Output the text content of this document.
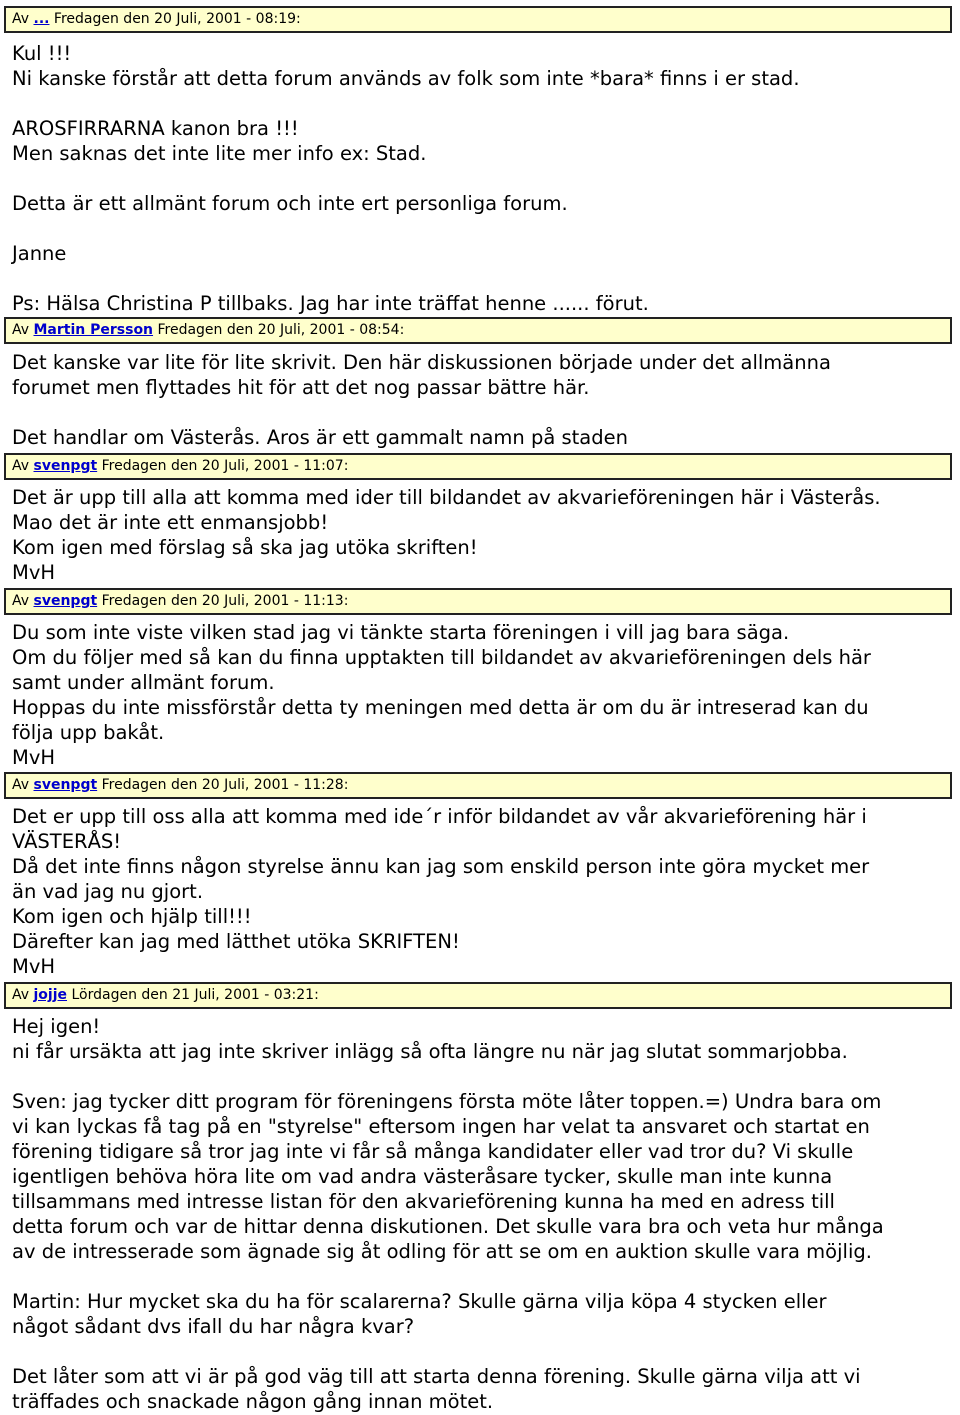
Av ... Fredagen den 20 Juli, 2001 - 08:19:

Kul !!!

Ni kanske förstår att detta forum används av folk som inte *bara* finns i er stad.

AROSFIRRARNA kanon bra !!!

Men saknas det inte lite mer info ex: Stad.

Detta är ett allmänt forum och inte ert personliga forum.

Janne

Ps: Hälsa Christina P tillbaks. Jag har inte träffat henne ...... förut.

Av Martin Persson Fredagen den 20 Juli, 2001 - 08:54:

Det kanske var lite för lite skrivit. Den här diskussionen började under det allmänna

forumet men flyttades hit för att det nog passar bättre här.

Det handlar om Västerås. Aros är ett gammalt namn på staden

Av svenpgt Fredagen den 20 Juli, 2001 - 11:07:

Det är upp till alla att komma med ider till bildandet av akvarieföreningen här i Västerås.

Mao det är inte ett enmansjobb!

Kom igen med förslag så ska jag utöka skriften!

MvH

Av svenpgt Fredagen den 20 Juli, 2001 - 11:13:

Du som inte viste vilken stad jag vi tänkte starta föreningen i vill jag bara säga.

Om du följer med så kan du finna upptakten till bildandet av akvarieföreningen dels här

samt under allmänt forum.

Hoppas du inte missförstår detta ty meningen med detta är om du är intreserad kan du

följa upp bakåt.

MvH

Av svenpgt Fredagen den 20 Juli, 2001 - 11:28:

Det er upp till oss alla att komma med ide´r inför bildandet av vår akvarieförening här i

VÄSTERÅS!

Då det inte finns någon styrelse ännu kan jag som enskild person inte göra mycket mer

än vad jag nu gjort.

Kom igen och hjälp till!!!

Därefter kan jag med lätthet utöka SKRIFTEN!

MvH

Av jojje Lördagen den 21 Juli, 2001 - 03:21:

Hej igen!

ni får ursäkta att jag inte skriver inlägg så ofta längre nu när jag slutat sommarjobba.

Sven: jag tycker ditt program för föreningens första möte låter toppen.=) Undra bara om

vi kan lyckas få tag på en "styrelse" eftersom ingen har velat ta ansvaret och startat en

förening tidigare så tror jag inte vi får så många kandidater eller vad tror du? Vi skulle

igentligen behöva höra lite om vad andra västeråsare tycker, skulle man inte kunna

tillsammans med intresse listan för den akvarieförening kunna ha med en adress till

detta forum och var de hittar denna diskutionen. Det skulle vara bra och veta hur många

av de intresserade som ägnade sig åt odling för att se om en auktion skulle vara möjlig.

Martin: Hur mycket ska du ha för scalarerna? Skulle gärna vilja köpa 4 stycken eller

något sådant dvs ifall du har några kvar?

Det låter som att vi är på god väg till att starta denna förening. Skulle gärna vilja att vi

träffades och snackade någon gång innan mötet.
